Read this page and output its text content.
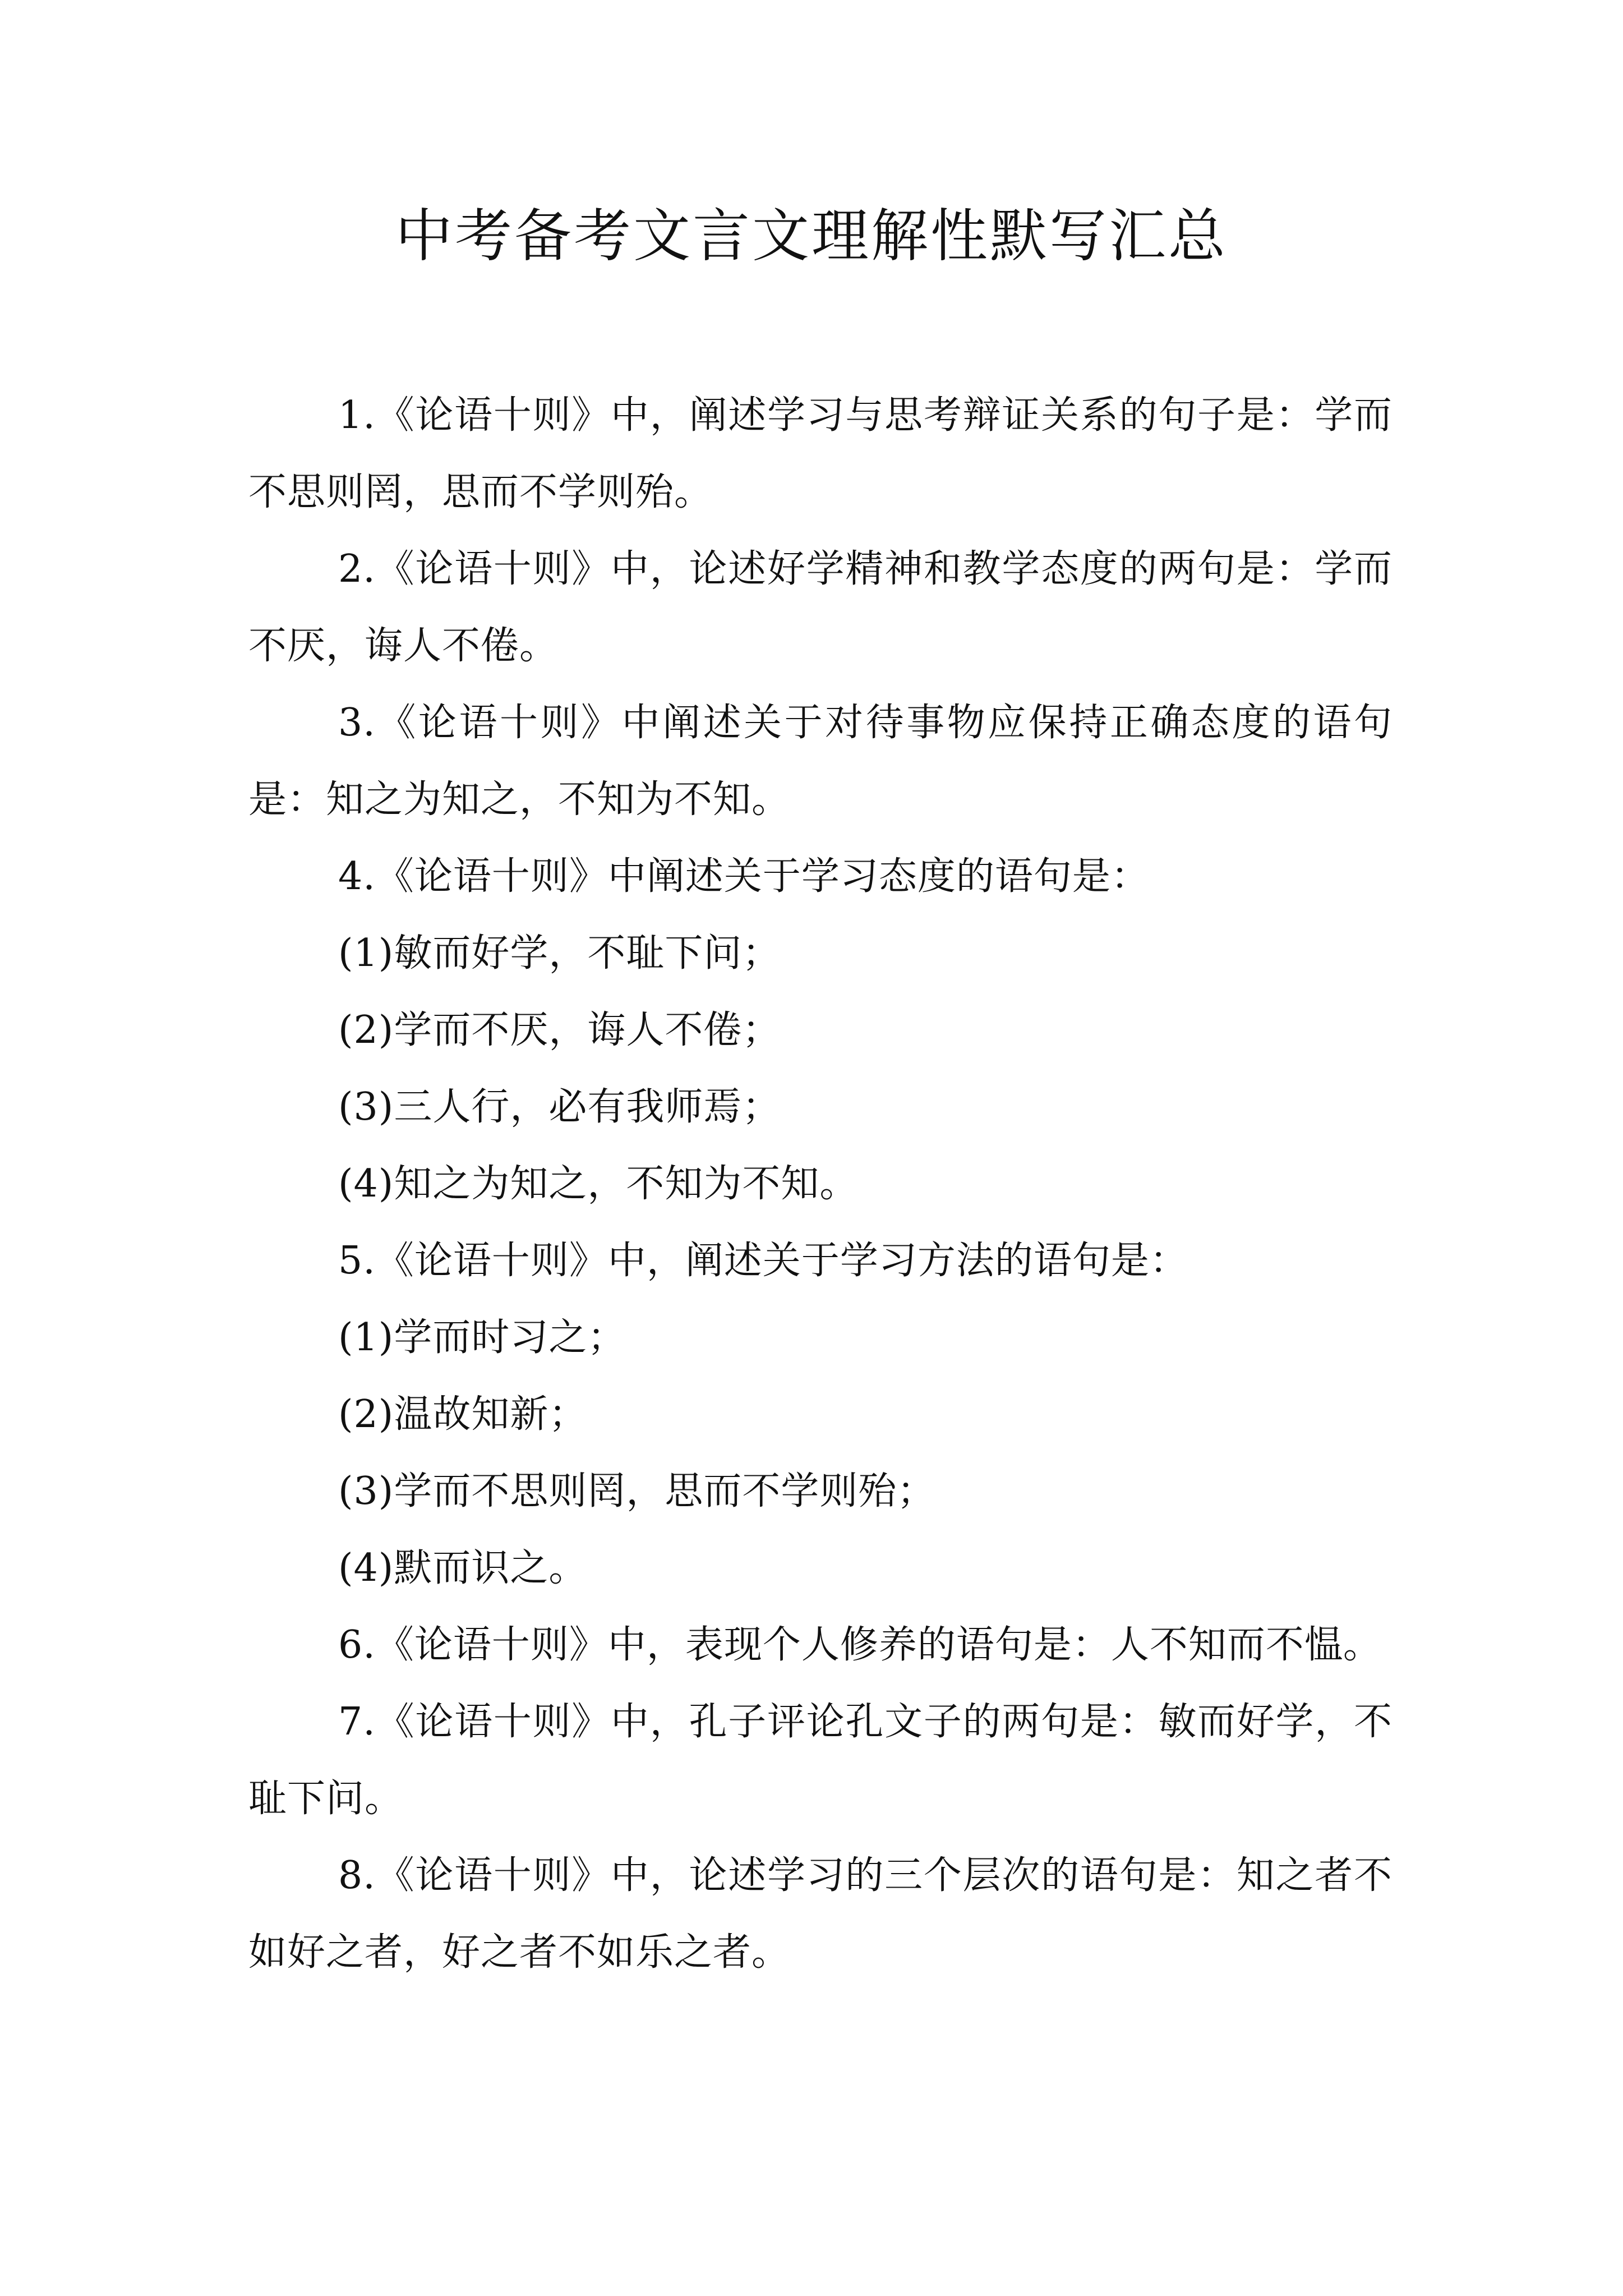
中考备考文言文理解性默写汇总

1.《论语十则》中，阐述学习与思考辩证关系的句子是：学而不思则罔，思而不学则殆。

2.《论语十则》中，论述好学精神和教学态度的两句是：学而不厌，诲人不倦。

3.《论语十则》中阐述关于对待事物应保持正确态度的语句是：知之为知之，不知为不知。

4.《论语十则》中阐述关于学习态度的语句是：

(1)敏而好学，不耻下问；

(2)学而不厌，诲人不倦；

(3)三人行，必有我师焉；

(4)知之为知之，不知为不知。

5.《论语十则》中，阐述关于学习方法的语句是：

(1)学而时习之；

(2)温故知新；

(3)学而不思则罔，思而不学则殆；

(4)默而识之。

6.《论语十则》中，表现个人修养的语句是：人不知而不愠。

7.《论语十则》中，孔子评论孔文子的两句是：敏而好学，不耻下问。

8.《论语十则》中，论述学习的三个层次的语句是：知之者不如好之者，好之者不如乐之者。
